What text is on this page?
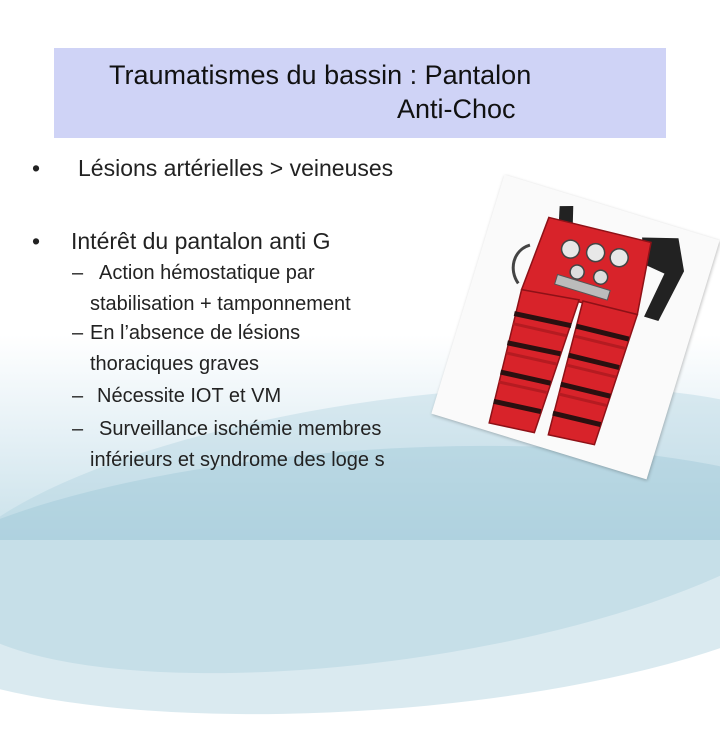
Traumatismes du bassin : Pantalon
Anti-Choc
• Lésions artérielles > veineuses
• Intérêt du pantalon anti G
– Action hémostatique par
stabilisation + tamponnement
– En l’absence de lésions
thoraciques graves
– Nécessite IOT et VM
– Surveillance ischémie membres
inférieurs et syndrome des loge s
